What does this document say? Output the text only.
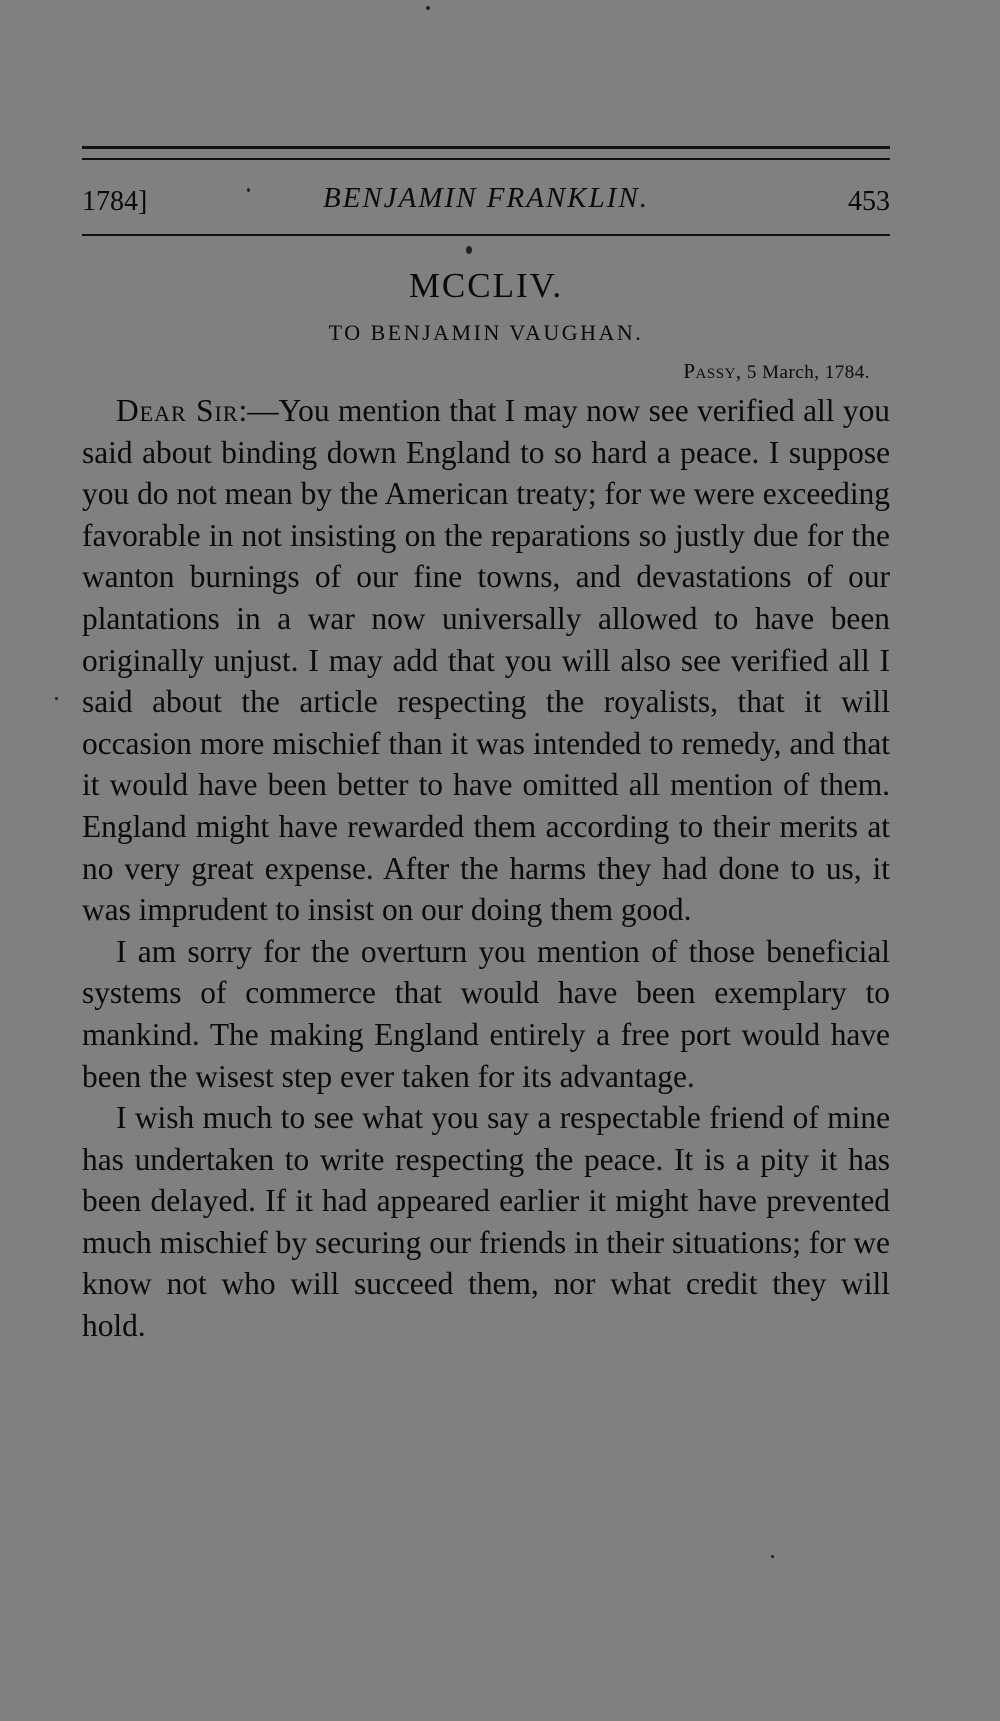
1784]	BENJAMIN FRANKLIN.	453
MCCLIV.
TO BENJAMIN VAUGHAN.
Passy, 5 March, 1784.

Dear Sir:—You mention that I may now see verified all you said about binding down England to so hard a peace. I suppose you do not mean by the American treaty; for we were exceeding favorable in not insisting on the reparations so justly due for the wanton burnings of our fine towns, and devastations of our plantations in a war now universally allowed to have been originally unjust. I may add that you will also see verified all I said about the article respecting the royalists, that it will occasion more mischief than it was intended to remedy, and that it would have been better to have omitted all mention of them. England might have rewarded them according to their merits at no very great expense. After the harms they had done to us, it was imprudent to insist on our doing them good.

I am sorry for the overturn you mention of those beneficial systems of commerce that would have been exemplary to mankind. The making England entirely a free port would have been the wisest step ever taken for its advantage.

I wish much to see what you say a respectable friend of mine has undertaken to write respecting the peace. It is a pity it has been delayed. If it had appeared earlier it might have prevented much mischief by securing our friends in their situations; for we know not who will succeed them, nor what credit they will hold.
